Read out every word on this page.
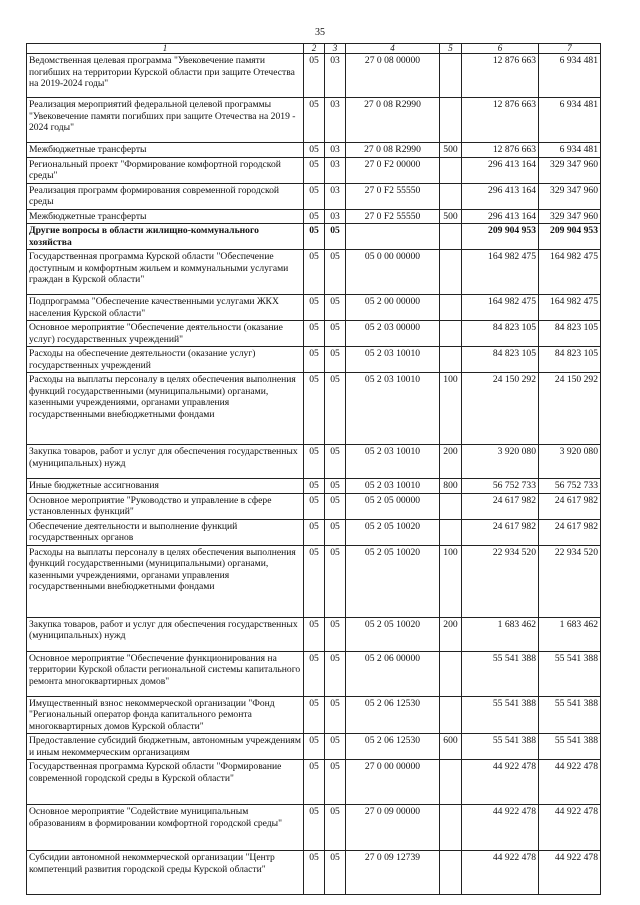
35
1	2	3	4	5	6	7
Ведомственная целевая программа "Увековечение памяти погибших на территории Курской области при защите Отечества на 2019-2024 годы"	05	03	27 0 08 00000		12 876 663	6 934 481
Реализация мероприятий федеральной целевой программы "Увековечение памяти погибших при защите Отечества на 2019 - 2024 годы"	05	03	27 0 08 R2990		12 876 663	6 934 481
Межбюджетные трансферты	05	03	27 0 08 R2990	500	12 876 663	6 934 481
Региональный проект "Формирование комфортной городской среды"	05	03	27 0 F2 00000		296 413 164	329 347 960
Реализация программ формирования современной городской среды	05	03	27 0 F2 55550		296 413 164	329 347 960
Межбюджетные трансферты	05	03	27 0 F2 55550	500	296 413 164	329 347 960
Другие вопросы в области жилищно-коммунального хозяйства	05	05			209 904 953	209 904 953
Государственная программа Курской области "Обеспечение доступным и комфортным жильем и коммунальными услугами граждан в Курской области"	05	05	05 0 00 00000		164 982 475	164 982 475
Подпрограмма "Обеспечение качественными услугами ЖКХ населения Курской области"	05	05	05 2 00 00000		164 982 475	164 982 475
Основное мероприятие "Обеспечение деятельности (оказание услуг) государственных учреждений"	05	05	05 2 03 00000		84 823 105	84 823 105
Расходы на обеспечение деятельности (оказание услуг) государственных учреждений	05	05	05 2 03 10010		84 823 105	84 823 105
Расходы на выплаты персоналу в целях обеспечения выполнения функций государственными (муниципальными) органами, казенными учреждениями, органами управления государственными внебюджетными фондами	05	05	05 2 03 10010	100	24 150 292	24 150 292
Закупка товаров, работ и услуг для обеспечения государственных (муниципальных) нужд	05	05	05 2 03 10010	200	3 920 080	3 920 080
Иные бюджетные ассигнования	05	05	05 2 03 10010	800	56 752 733	56 752 733
Основное мероприятие "Руководство и управление в сфере установленных функций"	05	05	05 2 05 00000		24 617 982	24 617 982
Обеспечение деятельности и выполнение функций государственных органов	05	05	05 2 05 10020		24 617 982	24 617 982
Расходы на выплаты персоналу в целях обеспечения выполнения функций государственными (муниципальными) органами, казенными учреждениями, органами управления государственными внебюджетными фондами	05	05	05 2 05 10020	100	22 934 520	22 934 520
Закупка товаров, работ и услуг для обеспечения государственных (муниципальных) нужд	05	05	05 2 05 10020	200	1 683 462	1 683 462
Основное мероприятие "Обеспечение функционирования на территории Курской области региональной системы капитального ремонта многоквартирных домов"	05	05	05 2 06 00000		55 541 388	55 541 388
Имущественный взнос некоммерческой организации "Фонд "Региональный оператор фонда капитального ремонта многоквартирных домов Курской области"	05	05	05 2 06 12530		55 541 388	55 541 388
Предоставление субсидий бюджетным, автономным учреждениям и иным некоммерческим организациям	05	05	05 2 06 12530	600	55 541 388	55 541 388
Государственная программа Курской области "Формирование современной городской среды в Курской области"	05	05	27 0 00 00000		44 922 478	44 922 478
Основное мероприятие "Содействие муниципальным образованиям в формировании комфортной городской среды"	05	05	27 0 09 00000		44 922 478	44 922 478
Субсидии автономной некоммерческой организации "Центр компетенций развития городской среды Курской области"	05	05	27 0 09 12739		44 922 478	44 922 478
